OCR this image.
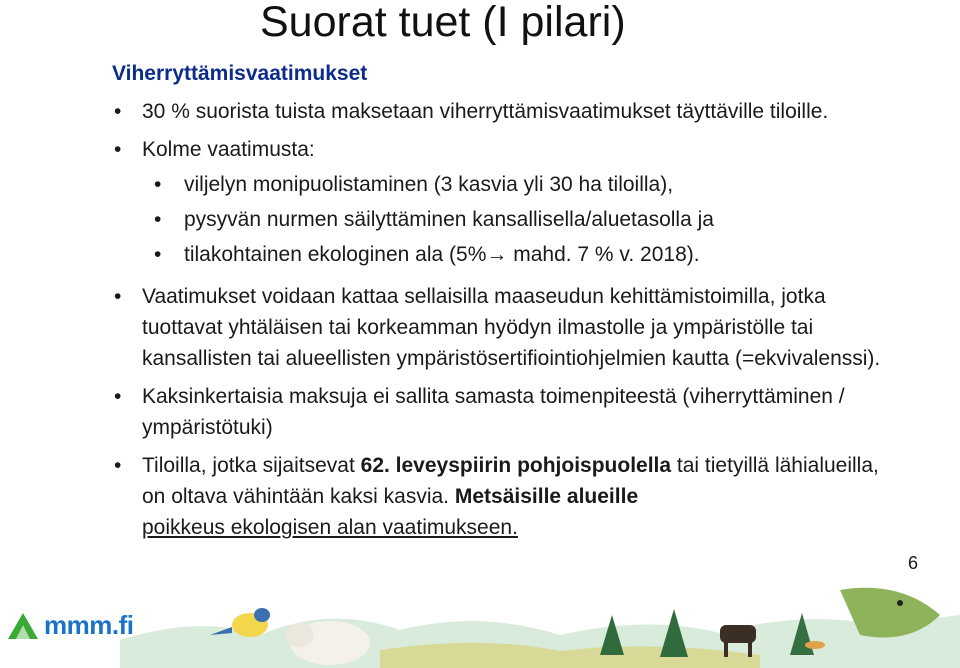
Suorat tuet (I pilari)
Viherryttämisvaatimukset
• 30 % suorista tuista maksetaan viherryttämisvaatimukset täyttäville tiloille.
• Kolme vaatimusta:
• viljelyn monipuolistaminen (3 kasvia yli 30 ha tiloilla),
• pysyvän nurmen säilyttäminen kansallisella/aluetasolla ja
• tilakohtainen ekologinen ala (5%→ mahd. 7 % v. 2018).
• Vaatimukset voidaan kattaa sellaisilla maaseudun kehittämistoimilla, jotka tuottavat yhtäläisen tai korkeamman hyödyn ilmastolle ja ympäristölle tai kansallisten tai alueellisten ympäristösertifiointiohjelmien kautta (=ekvivalenssi).
• Kaksinkertaisia maksuja ei sallita samasta toimenpiteestä (viherryttäminen / ympäristötuki)
• Tiloilla, jotka sijaitsevat 62. leveyspiirin pohjoispuolella tai tietyillä lähialueilla, on oltava vähintään kaksi kasvia. Metsäisille alueille
poikkeus ekologisen alan vaatimukseen.
6
mmm.fi
